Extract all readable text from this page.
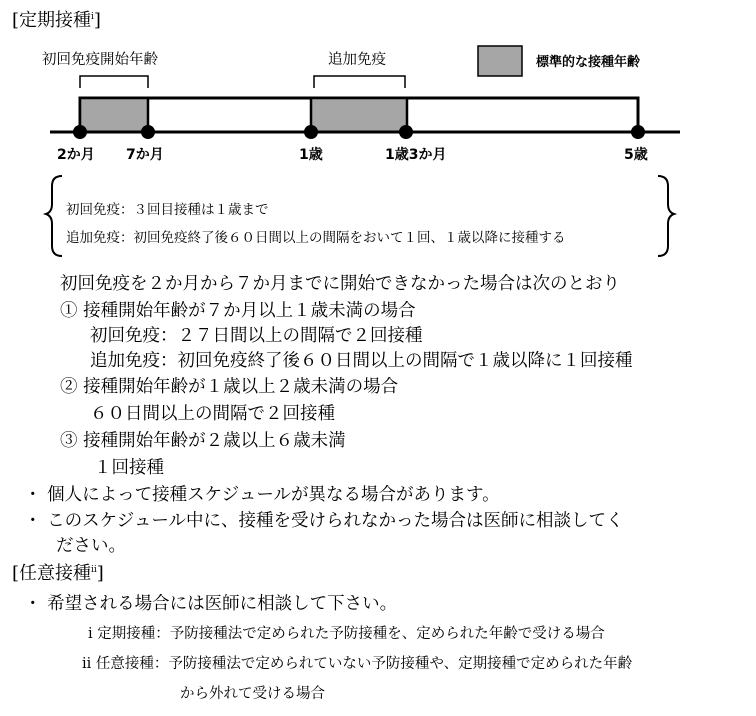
[定期接種$^i$]
初回免疫開始年齢	追加免疫	標準的な接種年齢
2か月 7か月	1歳	1歳3か月	5歳
初回免疫：３回目接種は１歳まで
追加免疫：初回免疫終了後６０日間以上の間隔をおいて１回、１歳以降に接種する
初回免疫を２か月から７か月までに開始できなかった場合は次のとおり
① 接種開始年齢が７か月以上１歳未満の場合
初回免疫：２７日間以上の間隔で２回接種
追加免疫：初回免疫終了後６０日間以上の間隔で１歳以降に１回接種
② 接種開始年齢が１歳以上２歳未満の場合
６０日間以上の間隔で２回接種
③ 接種開始年齢が２歳以上６歳未満
１回接種
・ 個人によって接種スケジュールが異なる場合があります。
・ このスケジュール中に、接種を受けられなかった場合は医師に相談してく
ださい。
[任意接種$^{ii}$]
・ 希望される場合には医師に相談して下さい。
i 定期接種：予防接種法で定められた予防接種を、定められた年齢で受ける場合
ii 任意接種：予防接種法で定められていない予防接種や、定期接種で定められた年齢
から外れて受ける場合
